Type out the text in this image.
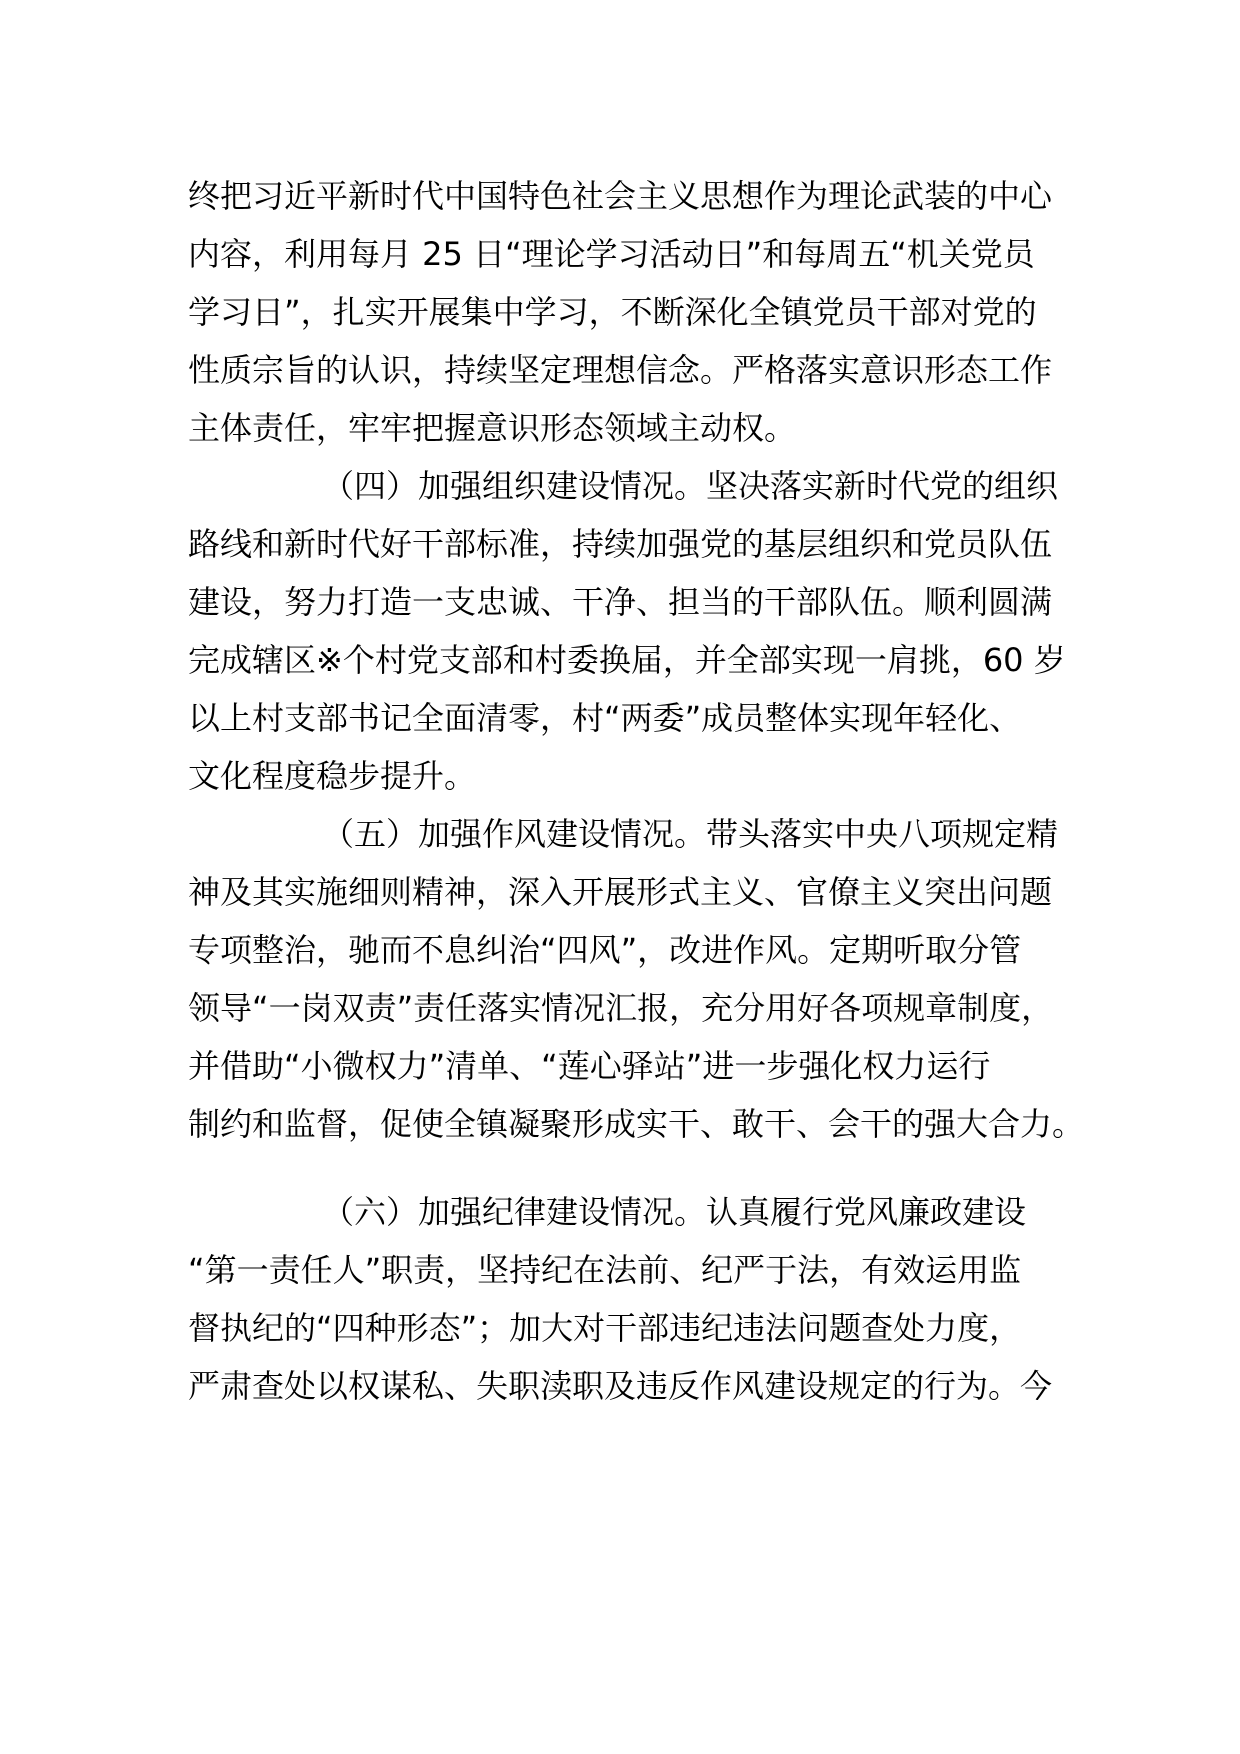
终把习近平新时代中国特色社会主义思想作为理论武装的中心
内容，利用每月 25 日“理论学习活动日”和每周五“机关党员
学习日”，扎实开展集中学习，不断深化全镇党员干部对党的
性质宗旨的认识，持续坚定理想信念。严格落实意识形态工作
主体责任，牢牢把握意识形态领域主动权。
（四）加强组织建设情况。坚决落实新时代党的组织
路线和新时代好干部标准，持续加强党的基层组织和党员队伍
建设，努力打造一支忠诚、干净、担当的干部队伍。顺利圆满
完成辖区※个村党支部和村委换届，并全部实现一肩挑，60 岁
以上村支部书记全面清零，村“两委”成员整体实现年轻化、
文化程度稳步提升。
（五）加强作风建设情况。带头落实中央八项规定精
神及其实施细则精神，深入开展形式主义、官僚主义突出问题
专项整治，驰而不息纠治“四风”，改进作风。定期听取分管
领导“一岗双责”责任落实情况汇报，充分用好各项规章制度，
并借助“小微权力”清单、“莲心驿站”进一步强化权力运行
制约和监督，促使全镇凝聚形成实干、敢干、会干的强大合力。
（六）加强纪律建设情况。认真履行党风廉政建设
“第一责任人”职责，坚持纪在法前、纪严于法，有效运用监
督执纪的“四种形态”；加大对干部违纪违法问题查处力度，
严肃查处以权谋私、失职渎职及违反作风建设规定的行为。今
